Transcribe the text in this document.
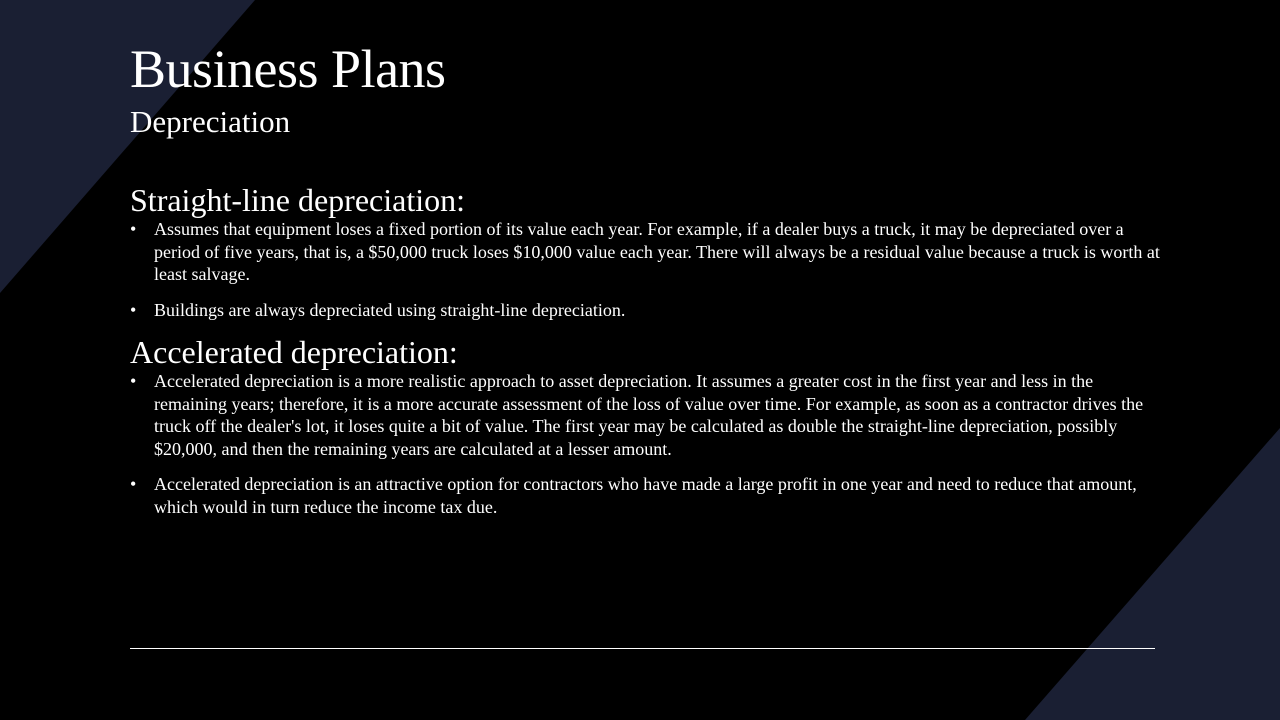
Business Plans
Depreciation
Straight-line depreciation:
• Assumes that equipment loses a fixed portion of its value each year. For example, if a dealer buys a truck, it may be depreciated over a period of five years, that is, a $50,000 truck loses $10,000 value each year. There will always be a residual value because a truck is worth at least salvage.
• Buildings are always depreciated using straight-line depreciation.
Accelerated depreciation:
• Accelerated depreciation is a more realistic approach to asset depreciation. It assumes a greater cost in the first year and less in the remaining years; therefore, it is a more accurate assessment of the loss of value over time. For example, as soon as a contractor drives the truck off the dealer's lot, it loses quite a bit of value. The first year may be calculated as double the straight-line depreciation, possibly $20,000, and then the remaining years are calculated at a lesser amount.
• Accelerated depreciation is an attractive option for contractors who have made a large profit in one year and need to reduce that amount, which would in turn reduce the income tax due.
